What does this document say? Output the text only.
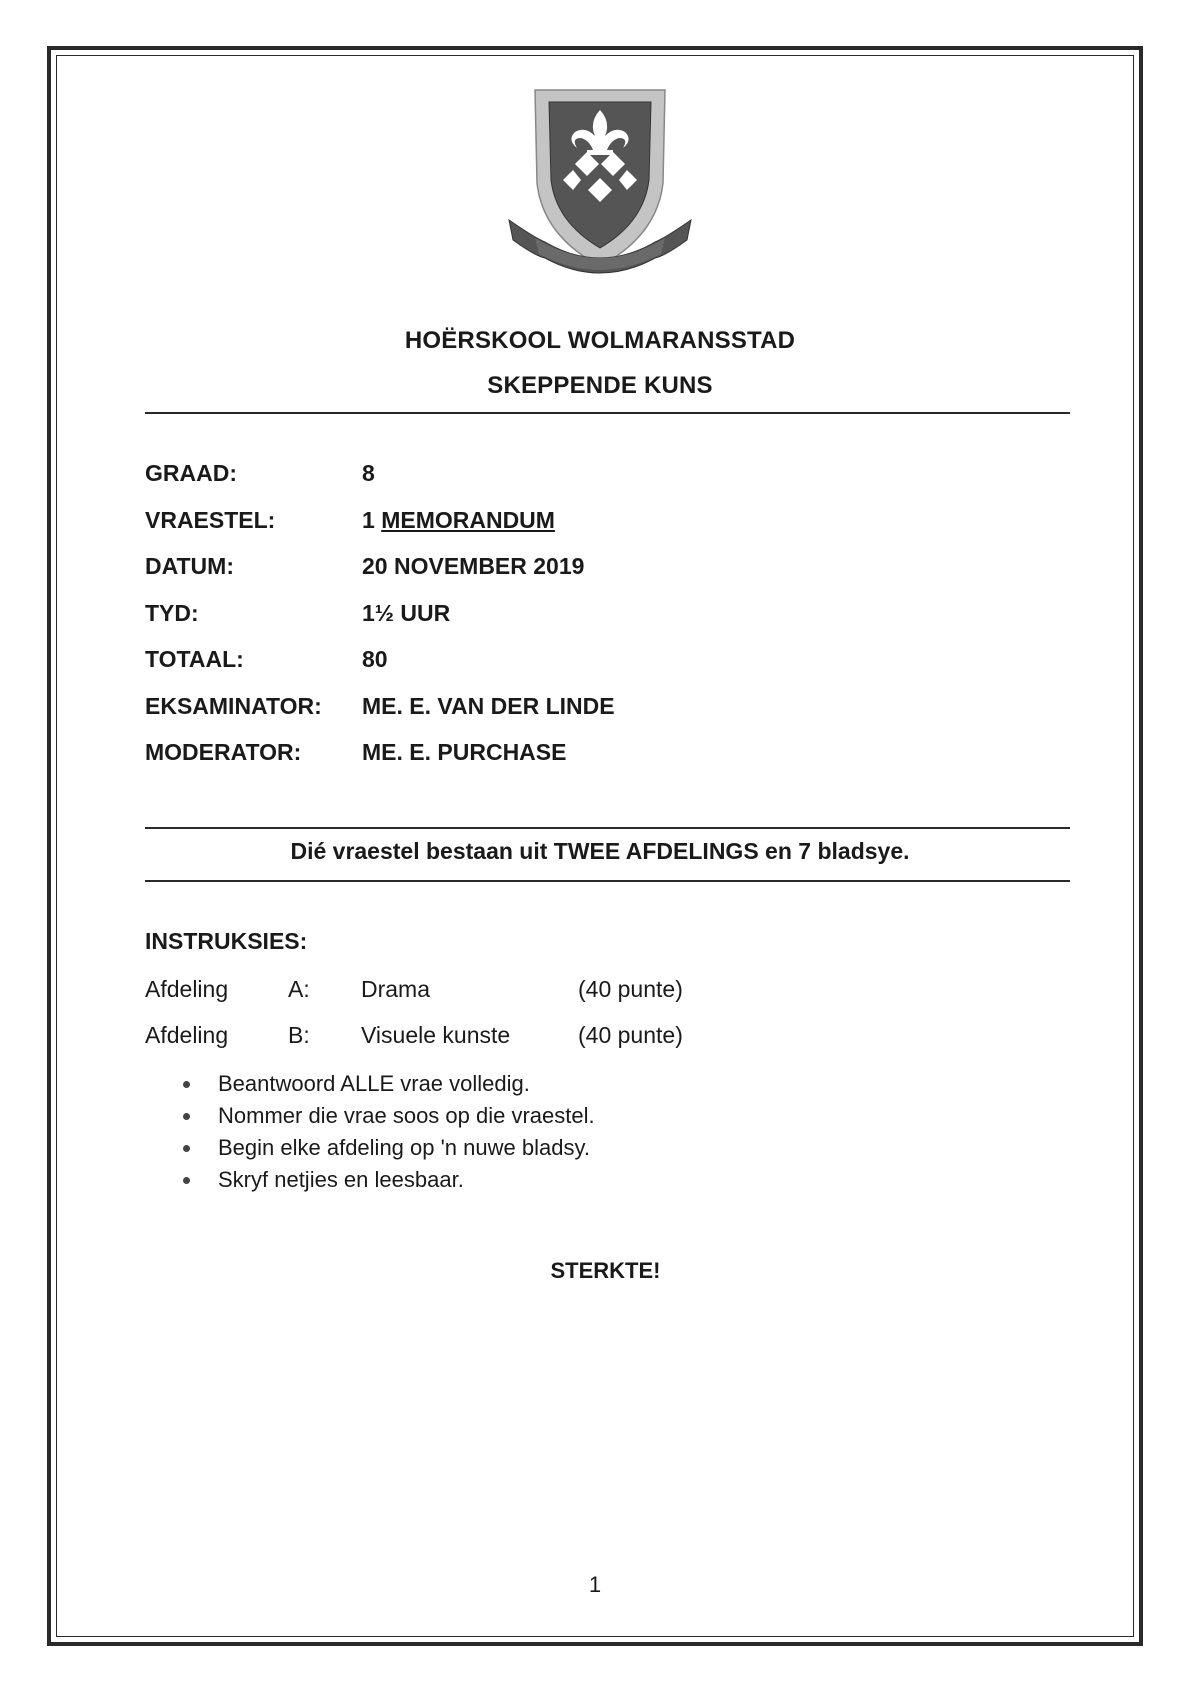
HOËRSKOOL WOLMARANSSTAD
SKEPPENDE KUNS
GRAAD:	8
VRAESTEL:	1 MEMORANDUM
DATUM:	20 NOVEMBER 2019
TYD:	1½ UUR
TOTAAL:	80
EKSAMINATOR: ME. E. VAN DER LINDE
MODERATOR:	ME. E. PURCHASE
Dié vraestel bestaan uit TWEE AFDELINGS en 7 bladsye.
INSTRUKSIES:
Afdeling	A: Drama	(40 punte)
Afdeling	B: Visuele kunste	(40 punte)
Beantwoord ALLE vrae volledig.
Nommer die vrae soos op die vraestel.
Begin elke afdeling op 'n nuwe bladsy.
Skryf netjies en leesbaar.
STERKTE!
1
